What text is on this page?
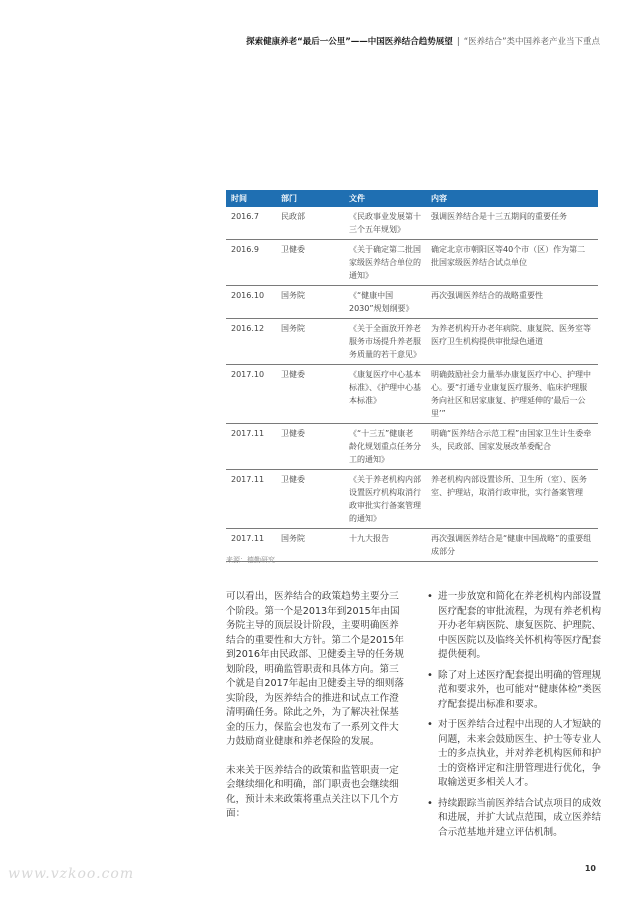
探索健康养老“最后一公里”——中国医养结合趋势展望 | “医养结合”类中国养老产业当下重点
时间	部门	文件	内容
2016.7	民政部	《民政事业发展第十三个五年规划》	强调医养结合是十三五期间的重要任务
2016.9	卫健委	《关于确定第二批国家级医养结合单位的通知》	确定北京市朝阳区等40个市（区）作为第二批国家级医养结合试点单位
2016.10	国务院	《“健康中国2030”规划纲要》	再次强调医养结合的战略重要性
2016.12	国务院	《关于全面放开养老服务市场提升养老服务质量的若干意见》	为养老机构开办老年病院、康复院、医务室等医疗卫生机构提供审批绿色通道
2017.10	卫健委	《康复医疗中心基本标准》、《护理中心基本标准》	明确鼓励社会力量举办康复医疗中心、护理中心。要“打通专业康复医疗服务、临床护理服务向社区和居家康复、护理延伸的‘最后一公里’”
2017.11	卫健委	《“十三五”健康老龄化规划重点任务分工的通知》	明确“医养结合示范工程”由国家卫生计生委牵头，民政部、国家发展改革委配合
2017.11	卫健委	《关于养老机构内部设置医疗机构取消行政审批实行备案管理的通知》	养老机构内部设置诊所、卫生所（室）、医务室、护理站，取消行政审批，实行备案管理
2017.11	国务院	十九大报告	再次强调医养结合是“健康中国战略”的重要组成部分
来源：德勤研究

可以看出，医养结合的政策趋势主要分三个阶段。第一个是2013年到2015年由国务院主导的顶层设计阶段，主要明确医养结合的重要性和大方针。第二个是2015年到2016年由民政部、卫健委主导的任务规划阶段，明确监管职责和具体方向。第三个就是自2017年起由卫健委主导的细则落实阶段，为医养结合的推进和试点工作澄清明确任务。除此之外，为了解决社保基金的压力，保监会也发布了一系列文件大力鼓励商业健康和养老保险的发展。

未来关于医养结合的政策和监管职责一定会继续细化和明确，部门职责也会继续细化，预计未来政策将重点关注以下几个方面：

• 进一步放宽和简化在养老机构内部设置医疗配套的审批流程，为现有养老机构开办老年病医院、康复医院、护理院、中医医院以及临终关怀机构等医疗配套提供便利。
• 除了对上述医疗配套提出明确的管理规范和要求外，也可能对“健康体检”类医疗配套提出标准和要求。
• 对于医养结合过程中出现的人才短缺的问题，未来会鼓励医生、护士等专业人士的多点执业，并对养老机构医师和护士的资格评定和注册管理进行优化，争取输送更多相关人才。
• 持续跟踪当前医养结合试点项目的成效和进展，并扩大试点范围，成立医养结合示范基地并建立评估机制。
10
www.vzkoo.com
